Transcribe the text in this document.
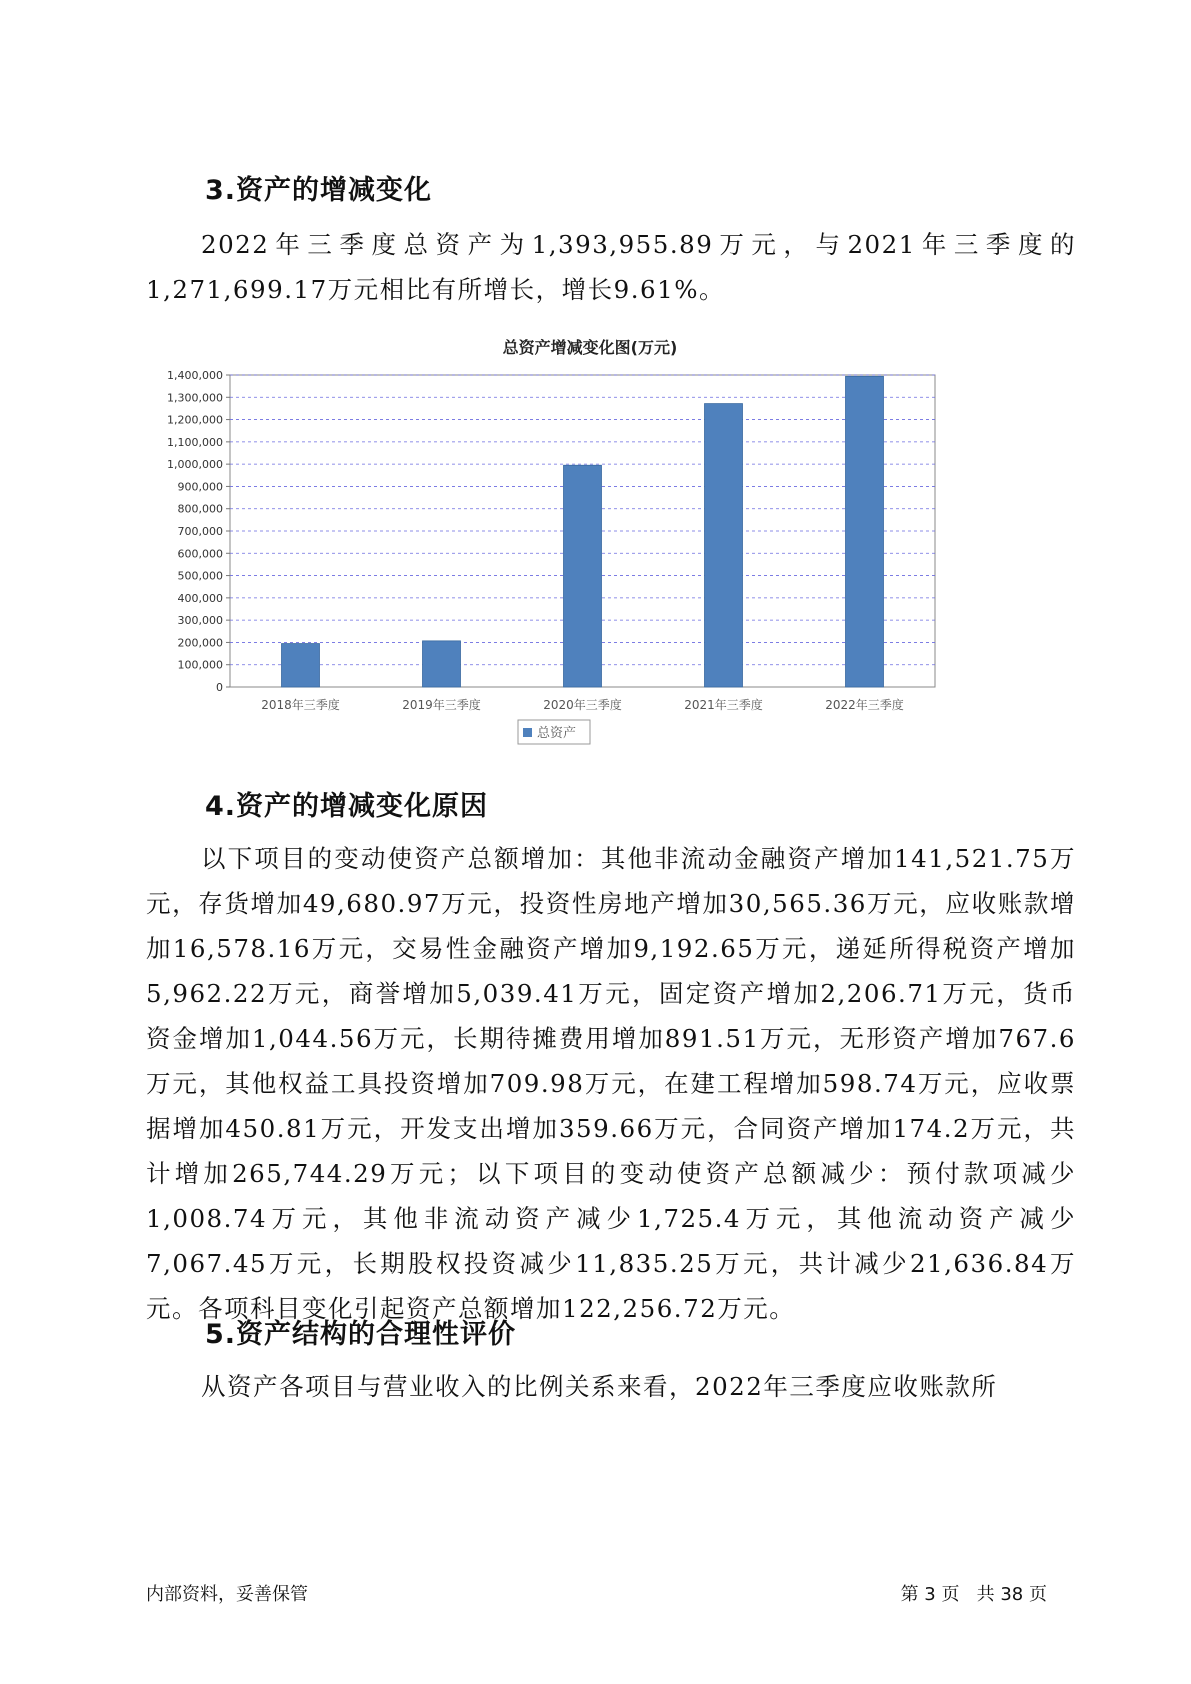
3.资产的增减变化

2022年三季度总资产为1,393,955.89万元，与2021年三季度的1,271,699.17万元相比有所增长，增长9.61%。

总资产增减变化图(万元)
0
100,000
200,000
300,000
400,000
500,000
600,000
700,000
800,000
900,000
1,000,000
1,100,000
1,200,000
1,300,000
1,400,000
2018年三季度	2019年三季度	2020年三季度	2021年三季度	2022年三季度
总资产
4.资产的增减变化原因

以下项目的变动使资产总额增加：其他非流动金融资产增加141,521.75万元，存货增加49,680.97万元，投资性房地产增加30,565.36万元，应收账款增加16,578.16万元，交易性金融资产增加9,192.65万元，递延所得税资产增加5,962.22万元，商誉增加5,039.41万元，固定资产增加2,206.71万元，货币资金增加1,044.56万元，长期待摊费用增加891.51万元，无形资产增加767.6万元，其他权益工具投资增加709.98万元，在建工程增加598.74万元，应收票据增加450.81万元，开发支出增加359.66万元，合同资产增加174.2万元，共计增加265,744.29万元；以下项目的变动使资产总额减少：预付款项减少1,008.74万元，其他非流动资产减少1,725.4万元，其他流动资产减少7,067.45万元，长期股权投资减少11,835.25万元，共计减少21,636.84万元。各项科目变化引起资产总额增加122,256.72万元。

5.资产结构的合理性评价

从资产各项目与营业收入的比例关系来看，2022年三季度应收账款所

内部资料，妥善保管	第 3 页   共 38 页
